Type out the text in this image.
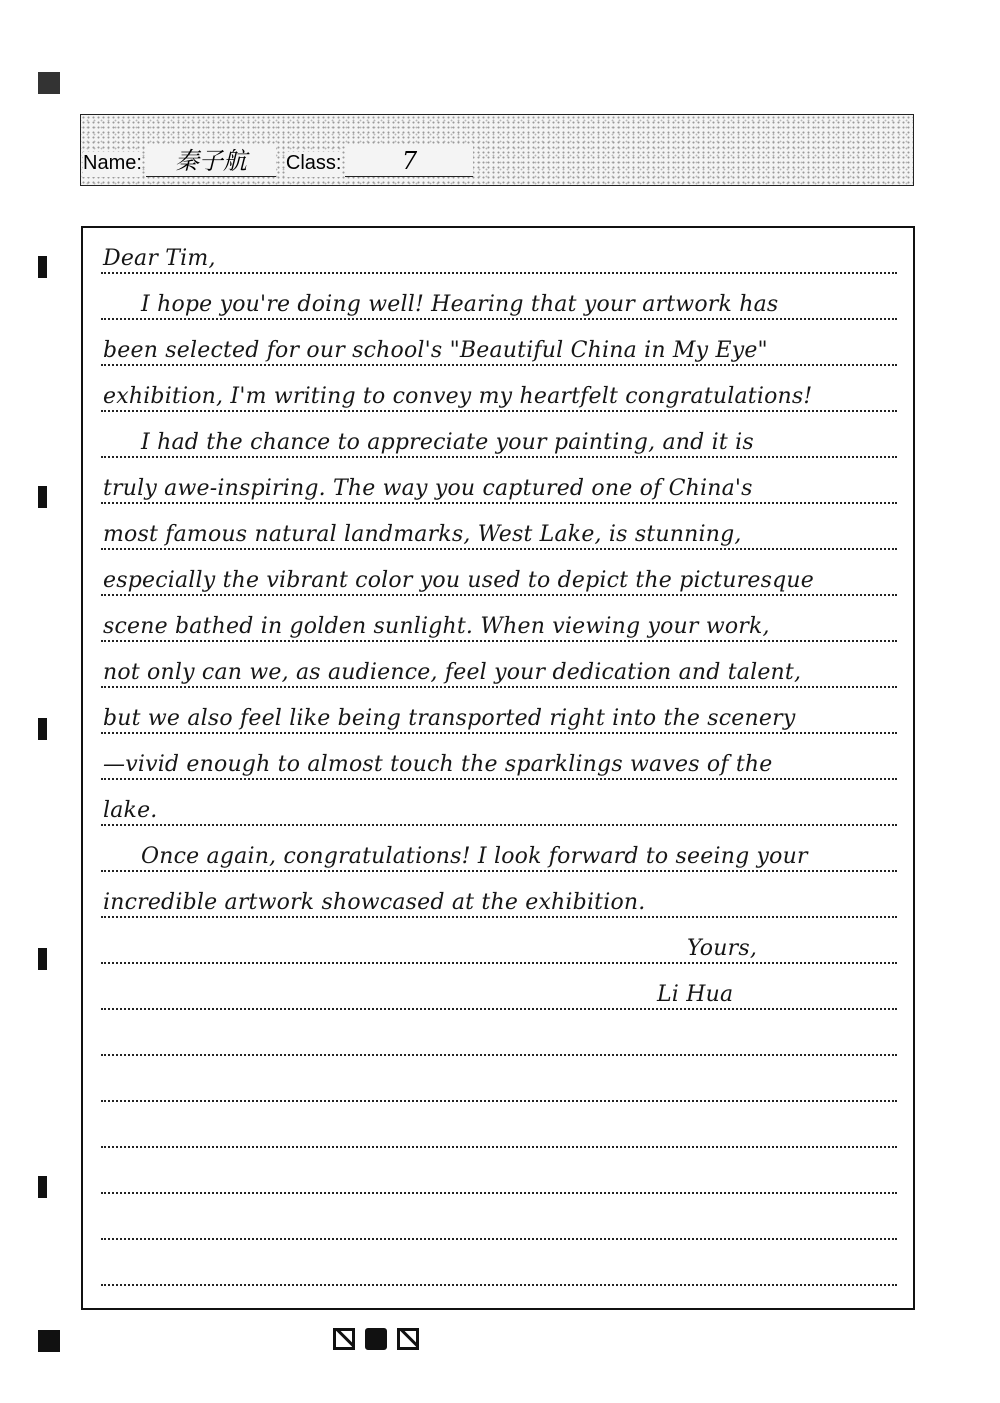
Name:	秦子航	Class:	7
Dear Tim,
I hope you're doing well! Hearing that your artwork has
been selected for our school's "Beautiful China in My Eye"
exhibition, I'm writing to convey my heartfelt congratulations!
I had the chance to appreciate your painting, and it is
truly awe-inspiring. The way you captured one of China's
most famous natural landmarks, West Lake, is stunning,
especially the vibrant color you used to depict the picturesque
scene bathed in golden sunlight. When viewing your work,
not only can we, as audience, feel your dedication and talent,
but we also feel like being transported right into the scenery
—vivid enough to almost touch the sparklings waves of the
lake.
Once again, congratulations! I look forward to seeing your
incredible artwork showcased at the exhibition.
Yours,
Li Hua
